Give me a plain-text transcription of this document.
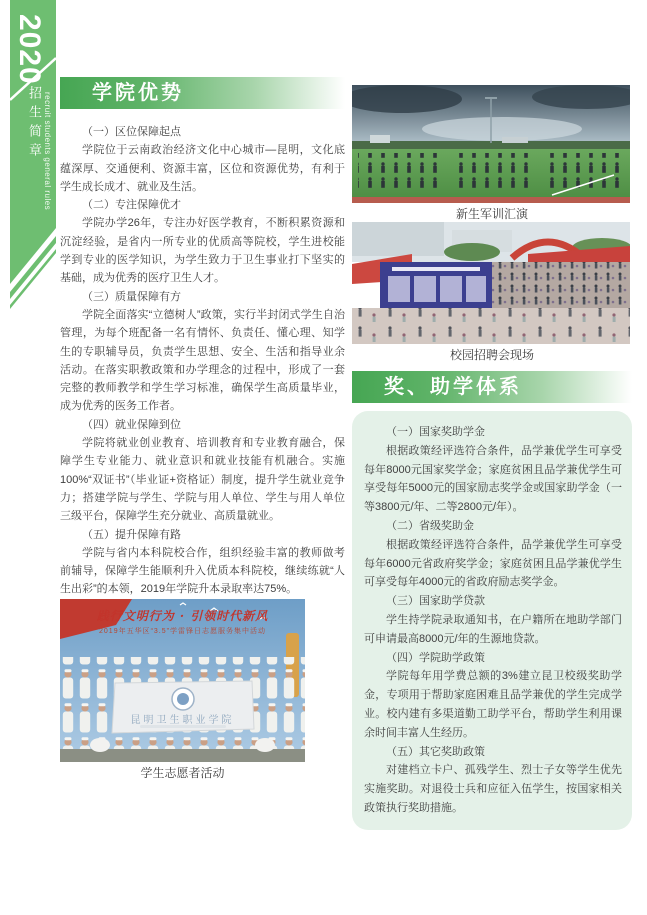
2020
招生简章 recruit students general rules	学院优势

（一）区位保障起点

学院位于云南政治经济文化中心城市—昆明，文化底蕴深厚、交通便利、资源丰富，区位和资源优势，有利于学生成长成才、就业及生活。

（二）专注保障优才

学院办学26年，专注办好医学教育，不断积累资源和沉淀经验，是省内一所专业的优质高等院校，学生进校能学到专业的医学知识，为学生致力于卫生事业打下坚实的基础，成为优秀的医疗卫生人才。

（三）质量保障有方

学院全面落实“立德树人”政策，实行半封闭式学生自治管理，为每个班配备一名有情怀、负责任、懂心理、知学生的专职辅导员，负责学生思想、安全、生活和指导业余活动。在落实职教政策和办学理念的过程中，形成了一套完整的教师教学和学生学习标准，确保学生高质量毕业，成为优秀的医务工作者。

（四）就业保障到位

学院将就业创业教育、培训教育和专业教育融合，保障学生专业能力、就业意识和就业技能有机融合。实施100%“双证书”（毕业证+资格证）制度，提升学生就业竞争力；搭建学院与学生、学院与用人单位、学生与用人单位三级平台，保障学生充分就业、高质量就业。

（五）提升保障有路

学院与省内本科院校合作，组织经验丰富的教师做考前辅导，保障学生能顺利升入优质本科院校，继续练就“人生出彩”的本领，2019年学院升本录取率达75%。

践行文明行为 · 引领时代新风
2019年五华区“3.5”学雷锋日志愿服务集中活动
昆明卫生职业学院
学生志愿者活动
新生军训汇演
校园招聘会现场
奖、助学体系

（一）国家奖助学金

根据政策经评选符合条件，品学兼优学生可享受每年8000元国家奖学金；家庭贫困且品学兼优学生可享受每年5000元的国家励志奖学金或国家助学金（一等3800元/年、二等2800元/年）。

（二）省级奖助金

根据政策经评选符合条件，品学兼优学生可享受每年6000元省政府奖学金；家庭贫困且品学兼优学生可享受每年4000元的省政府励志奖学金。

（三）国家助学贷款

学生持学院录取通知书，在户籍所在地助学部门可申请最高8000元/年的生源地贷款。

（四）学院助学政策

学院每年用学费总额的3%建立昆卫校级奖助学金，专项用于帮助家庭困难且品学兼优的学生完成学业。校内建有多渠道勤工助学平台，帮助学生利用课余时间丰富人生经历。

（五）其它奖助政策

对建档立卡户、孤残学生、烈士子女等学生优先实施奖助。对退役士兵和应征入伍学生，按国家相关政策执行奖助措施。
